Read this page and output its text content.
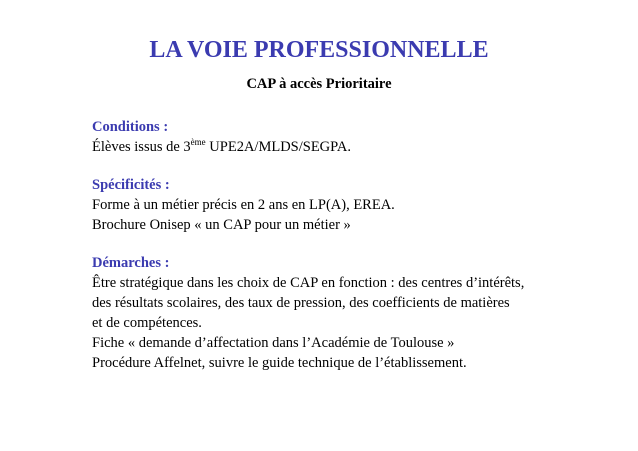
LA VOIE PROFESSIONNELLE
CAP à accès Prioritaire
Conditions :
Élèves issus de 3ème UPE2A/MLDS/SEGPA.
Spécificités :
Forme à un métier précis en 2 ans en LP(A), EREA.
Brochure Onisep « un CAP pour un métier »
Démarches :
Être stratégique dans les choix de CAP en fonction : des centres d’intérêts,
des résultats scolaires, des taux de pression, des coefficients de matières
et de compétences.
Fiche « demande d’affectation dans l’Académie de Toulouse »
Procédure Affelnet, suivre le guide technique de l’établissement.
